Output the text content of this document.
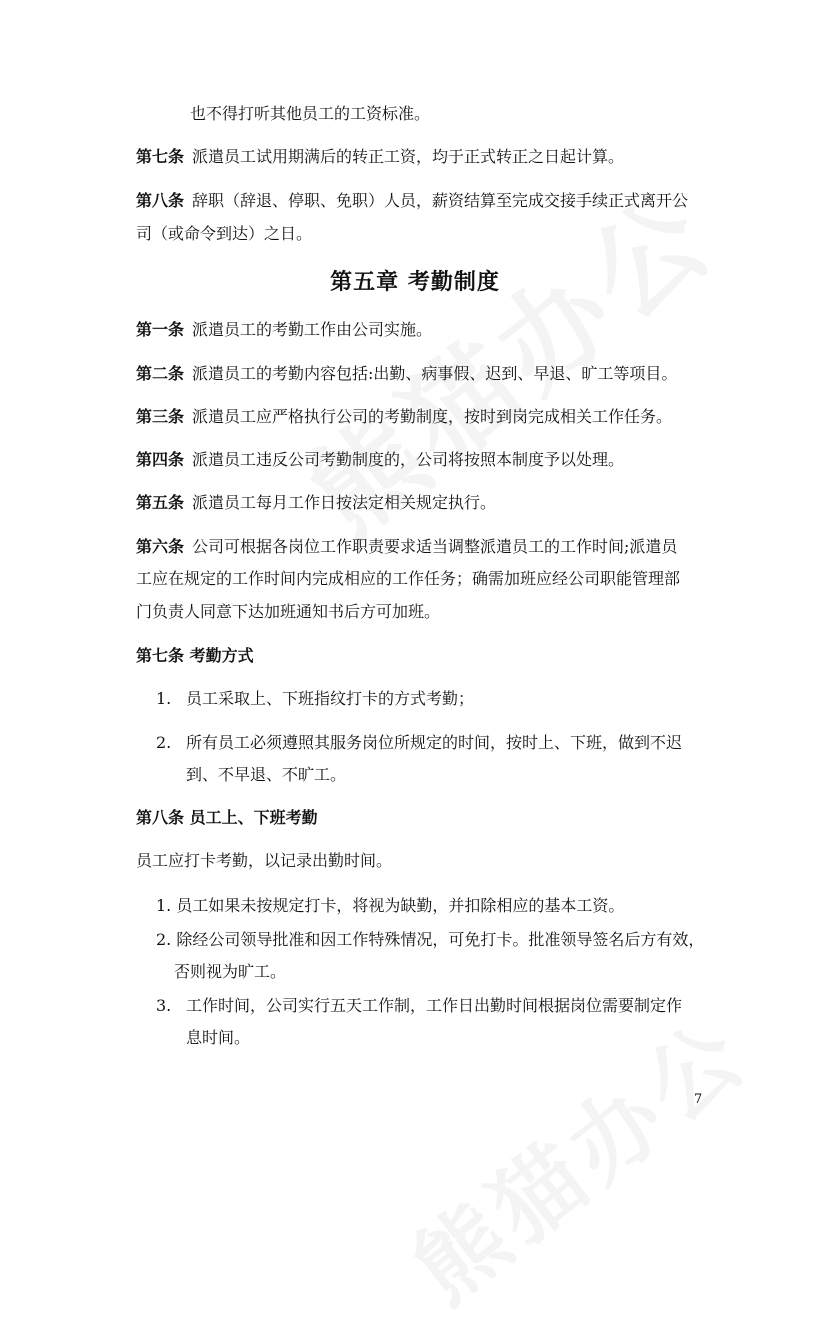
也不得打听其他员工的工资标准。
第七条 派遣员工试用期满后的转正工资，均于正式转正之日起计算。
第八条 辞职（辞退、停职、免职）人员，薪资结算至完成交接手续正式离开公
司（或命令到达）之日。
第五章 考勤制度
第一条 派遣员工的考勤工作由公司实施。
第二条 派遣员工的考勤内容包括:出勤、病事假、迟到、早退、旷工等项目。
第三条 派遣员工应严格执行公司的考勤制度，按时到岗完成相关工作任务。
第四条 派遣员工违反公司考勤制度的，公司将按照本制度予以处理。
第五条 派遣员工每月工作日按法定相关规定执行。
第六条 公司可根据各岗位工作职责要求适当调整派遣员工的工作时间;派遣员
工应在规定的工作时间内完成相应的工作任务；确需加班应经公司职能管理部
门负责人同意下达加班通知书后方可加班。
第七条 考勤方式
1. 员工采取上、下班指纹打卡的方式考勤；
2. 所有员工必须遵照其服务岗位所规定的时间，按时上、下班，做到不迟
到、不早退、不旷工。
第八条 员工上、下班考勤
员工应打卡考勤，以记录出勤时间。
1. 员工如果未按规定打卡，将视为缺勤，并扣除相应的基本工资。
2. 除经公司领导批准和因工作特殊情况，可免打卡。批准领导签名后方有效，
否则视为旷工。
3. 工作时间，公司实行五天工作制，工作日出勤时间根据岗位需要制定作
息时间。
7
